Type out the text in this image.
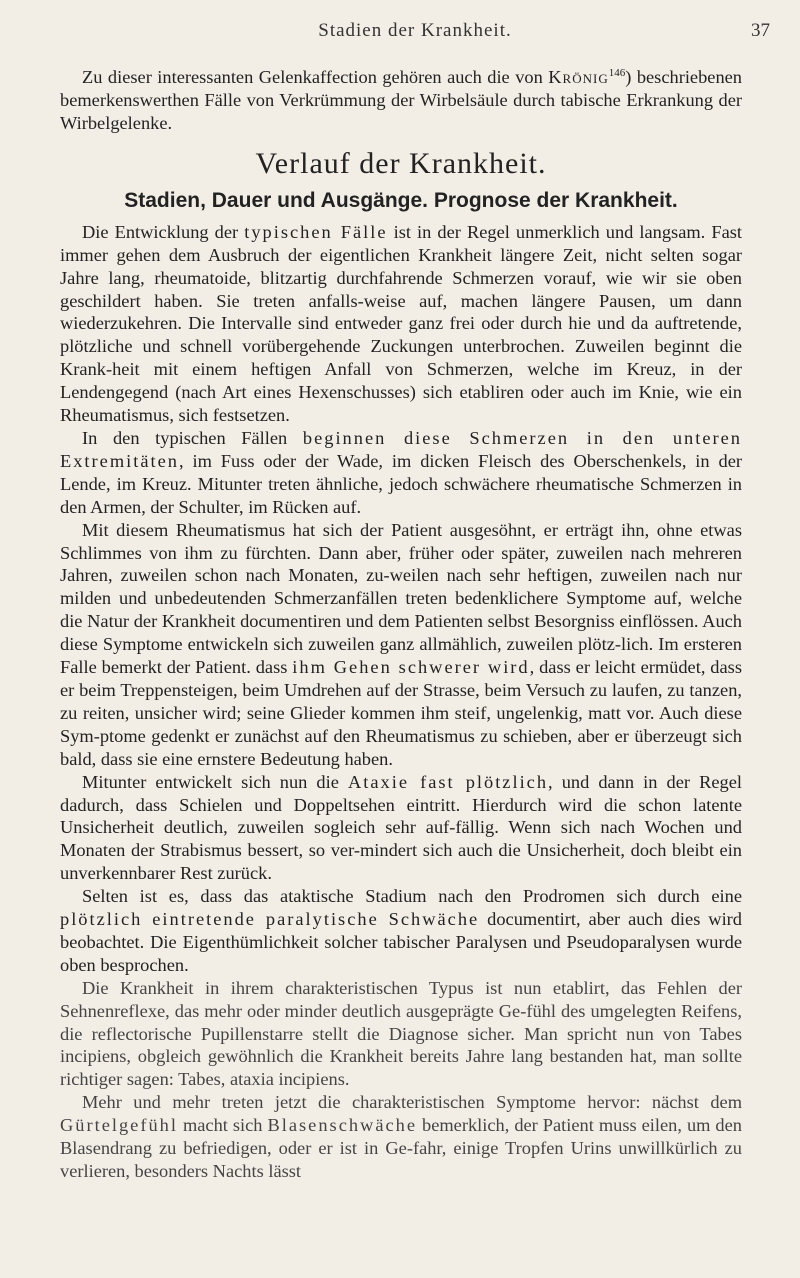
Stadien der Krankheit.	37

Zu dieser interessanten Gelenkaffection gehören auch die von Krönig$^{146}$) beschriebenen bemerkenswerthen Fälle von Verkrümmung der Wirbelsäule durch tabische Erkrankung der Wirbelgelenke.

Verlauf der Krankheit.
Stadien, Dauer und Ausgänge. Prognose der Krankheit.

Die Entwicklung der typischen Fälle ist in der Regel unmerklich und langsam. Fast immer gehen dem Ausbruch der eigentlichen Krankheit längere Zeit, nicht selten sogar Jahre lang, rheumatoide, blitzartig durchfahrende Schmerzen vorauf, wie wir sie oben geschildert haben. Sie treten anfalls-weise auf, machen längere Pausen, um dann wiederzukehren. Die Intervalle sind entweder ganz frei oder durch hie und da auftretende, plötzliche und schnell vorübergehende Zuckungen unterbrochen. Zuweilen beginnt die Krank-heit mit einem heftigen Anfall von Schmerzen, welche im Kreuz, in der Lendengegend (nach Art eines Hexenschusses) sich etabliren oder auch im Knie, wie ein Rheumatismus, sich festsetzen.

In den typischen Fällen beginnen diese Schmerzen in den unteren Extremitäten, im Fuss oder der Wade, im dicken Fleisch des Oberschenkels, in der Lende, im Kreuz. Mitunter treten ähnliche, jedoch schwächere rheumatische Schmerzen in den Armen, der Schulter, im Rücken auf.

Mit diesem Rheumatismus hat sich der Patient ausgesöhnt, er erträgt ihn, ohne etwas Schlimmes von ihm zu fürchten. Dann aber, früher oder später, zuweilen nach mehreren Jahren, zuweilen schon nach Monaten, zu-weilen nach sehr heftigen, zuweilen nach nur milden und unbedeutenden Schmerzanfällen treten bedenklichere Symptome auf, welche die Natur der Krankheit documentiren und dem Patienten selbst Besorgniss einflössen. Auch diese Symptome entwickeln sich zuweilen ganz allmählich, zuweilen plötz-lich. Im ersteren Falle bemerkt der Patient. dass ihm Gehen schwerer wird, dass er leicht ermüdet, dass er beim Treppensteigen, beim Umdrehen auf der Strasse, beim Versuch zu laufen, zu tanzen, zu reiten, unsicher wird; seine Glieder kommen ihm steif, ungelenkig, matt vor. Auch diese Sym-ptome gedenkt er zunächst auf den Rheumatismus zu schieben, aber er überzeugt sich bald, dass sie eine ernstere Bedeutung haben.

Mitunter entwickelt sich nun die Ataxie fast plötzlich, und dann in der Regel dadurch, dass Schielen und Doppeltsehen eintritt. Hierdurch wird die schon latente Unsicherheit deutlich, zuweilen sogleich sehr auf-fällig. Wenn sich nach Wochen und Monaten der Strabismus bessert, so ver-mindert sich auch die Unsicherheit, doch bleibt ein unverkennbarer Rest zurück.

Selten ist es, dass das ataktische Stadium nach den Prodromen sich durch eine plötzlich eintretende paralytische Schwäche documentirt, aber auch dies wird beobachtet. Die Eigenthümlichkeit solcher tabischer Paralysen und Pseudoparalysen wurde oben besprochen.

Die Krankheit in ihrem charakteristischen Typus ist nun etablirt, das Fehlen der Sehnenreflexe, das mehr oder minder deutlich ausgeprägte Ge-fühl des umgelegten Reifens, die reflectorische Pupillenstarre stellt die Diagnose sicher. Man spricht nun von Tabes incipiens, obgleich gewöhnlich die Krankheit bereits Jahre lang bestanden hat, man sollte richtiger sagen: Tabes, ataxia incipiens.

Mehr und mehr treten jetzt die charakteristischen Symptome hervor: nächst dem Gürtelgefühl macht sich Blasenschwäche bemerklich, der Patient muss eilen, um den Blasendrang zu befriedigen, oder er ist in Ge-fahr, einige Tropfen Urins unwillkürlich zu verlieren, besonders Nachts lässt
